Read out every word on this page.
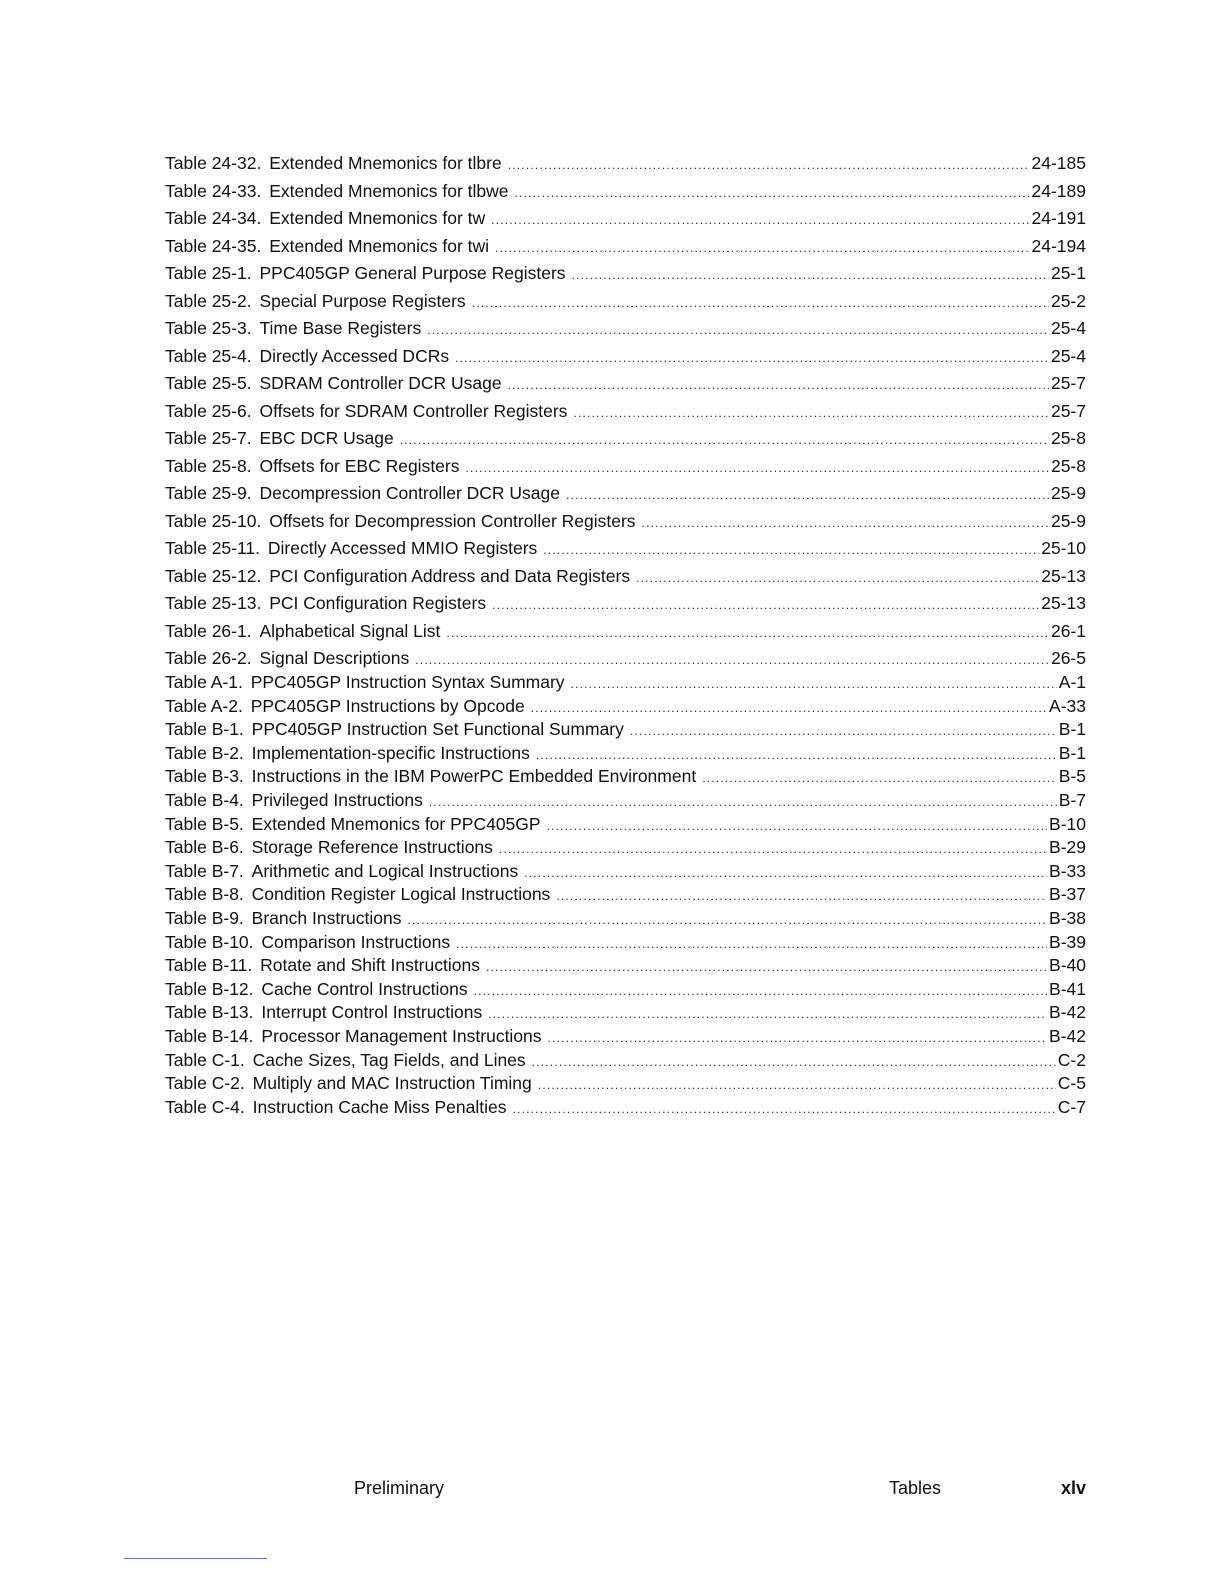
Table 24-32. Extended Mnemonics for tlbre .....	24-185
Table 24-33. Extended Mnemonics for tlbwe .....	24-189
Table 24-34. Extended Mnemonics for tw .....	24-191
Table 24-35. Extended Mnemonics for twi .....	24-194
Table 25-1. PPC405GP General Purpose Registers .....	25-1
Table 25-2. Special Purpose Registers .....	25-2
Table 25-3. Time Base Registers .....	25-4
Table 25-4. Directly Accessed DCRs .....	25-4
Table 25-5. SDRAM Controller DCR Usage .....	25-7
Table 25-6. Offsets for SDRAM Controller Registers .....	25-7
Table 25-7. EBC DCR Usage .....	25-8
Table 25-8. Offsets for EBC Registers .....	25-8
Table 25-9. Decompression Controller DCR Usage .....	25-9
Table 25-10. Offsets for Decompression Controller Registers .....	25-9
Table 25-11. Directly Accessed MMIO Registers .....	25-10
Table 25-12. PCI Configuration Address and Data Registers .....	25-13
Table 25-13. PCI Configuration Registers .....	25-13
Table 26-1. Alphabetical Signal List .....	26-1
Table 26-2. Signal Descriptions .....	26-5
Table A-1. PPC405GP Instruction Syntax Summary .....	A-1
Table A-2. PPC405GP Instructions by Opcode .....	A-33
Table B-1. PPC405GP Instruction Set Functional Summary .....	B-1
Table B-2. Implementation-specific Instructions .....	B-1
Table B-3. Instructions in the IBM PowerPC Embedded Environment .....	B-5
Table B-4. Privileged Instructions .....	B-7
Table B-5. Extended Mnemonics for PPC405GP .....	B-10
Table B-6. Storage Reference Instructions .....	B-29
Table B-7. Arithmetic and Logical Instructions .....	B-33
Table B-8. Condition Register Logical Instructions .....	B-37
Table B-9. Branch Instructions .....	B-38
Table B-10. Comparison Instructions .....	B-39
Table B-11. Rotate and Shift Instructions .....	B-40
Table B-12. Cache Control Instructions .....	B-41
Table B-13. Interrupt Control Instructions .....	B-42
Table B-14. Processor Management Instructions .....	B-42
Table C-1. Cache Sizes, Tag Fields, and Lines .....	C-2
Table C-2. Multiply and MAC Instruction Timing .....	C-5
Table C-4. Instruction Cache Miss Penalties .....	C-7
Preliminary	Tables	xlv
